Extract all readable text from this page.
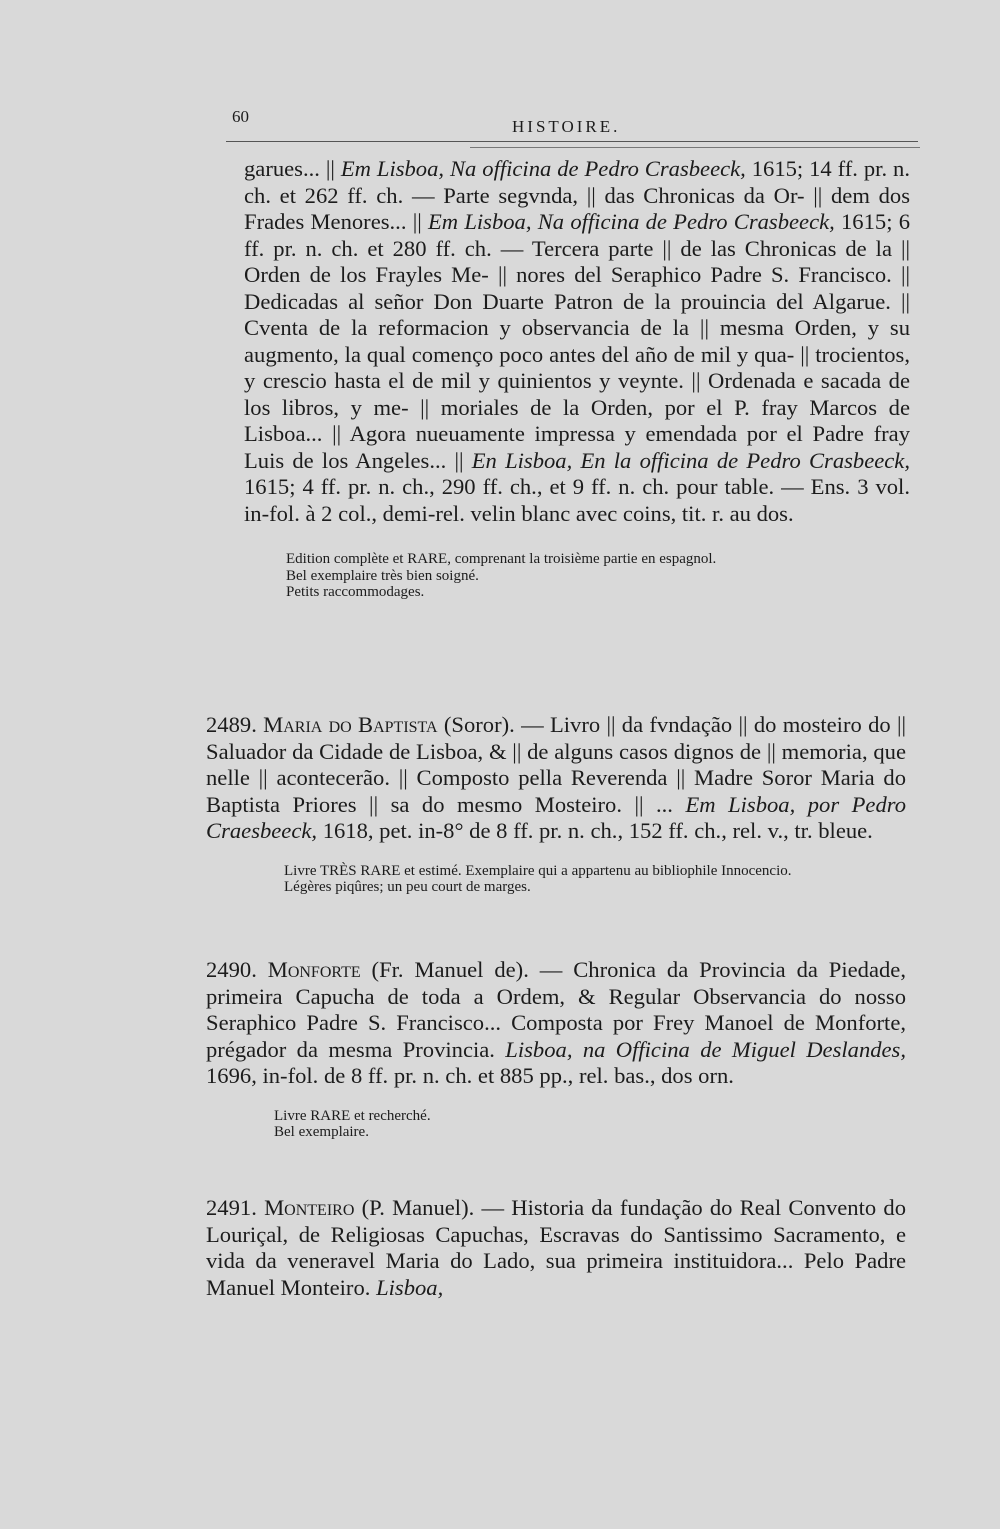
60
HISTOIRE.
garues... || Em Lisboa, Na officina de Pedro Crasbeeck, 1615; 14 ff. pr. n. ch. et 262 ff. ch. — Parte segvnda, || das Chronicas da Or- || dem dos Frades Menores... || Em Lisboa, Na officina de Pedro Crasbeeck, 1615; 6 ff. pr. n. ch. et 280 ff. ch. — Tercera parte || de las Chronicas de la || Orden de los Frayles Me- || nores del Seraphico Padre S. Francisco. || Dedicadas al señor Don Duarte Patron de la prouincia del Algarue. || Cventa de la reformacion y observancia de la || mesma Orden, y su augmento, la qual començo poco antes del año de mil y qua- || trocientos, y crescio hasta el de mil y quinientos y veynte. || Ordenada e sacada de los libros, y me- || moriales de la Orden, por el P. fray Marcos de Lisboa... || Agora nueuamente impressa y emendada por el Padre fray Luis de los Angeles... || En Lisboa, En la officina de Pedro Crasbeeck, 1615; 4 ff. pr. n. ch., 290 ff. ch., et 9 ff. n. ch. pour table. — Ens. 3 vol. in-fol. à 2 col., demi-rel. velin blanc avec coins, tit. r. au dos.
Edition complète et RARE, comprenant la troisième partie en espagnol.
Bel exemplaire très bien soigné.
Petits raccommodages.
2489. Maria do Baptista (Soror). — Livro || da fvndação || do mosteiro do || Saluador da Cidade de Lisboa, & || de alguns casos dignos de || memoria, que nelle || acontecerão. || Composto pella Reverenda || Madre Soror Maria do Baptista Priores || sa do mesmo Mosteiro. || ... Em Lisboa, por Pedro Craesbeeck, 1618, pet. in-8° de 8 ff. pr. n. ch., 152 ff. ch., rel. v., tr. bleue.
Livre TRÈS RARE et estimé. Exemplaire qui a appartenu au bibliophile Innocencio.
Légères piqûres; un peu court de marges.
2490. Monforte (Fr. Manuel de). — Chronica da Provincia da Piedade, primeira Capucha de toda a Ordem, & Regular Observancia do nosso Seraphico Padre S. Francisco... Composta por Frey Manoel de Monforte, prégador da mesma Provincia. Lisboa, na Officina de Miguel Deslandes, 1696, in-fol. de 8 ff. pr. n. ch. et 885 pp., rel. bas., dos orn.
Livre RARE et recherché.
Bel exemplaire.
2491. Monteiro (P. Manuel). — Historia da fundação do Real Convento do Louriçal, de Religiosas Capuchas, Escravas do Santissimo Sacramento, e vida da veneravel Maria do Lado, sua primeira instituidora... Pelo Padre Manuel Monteiro. Lisboa,
